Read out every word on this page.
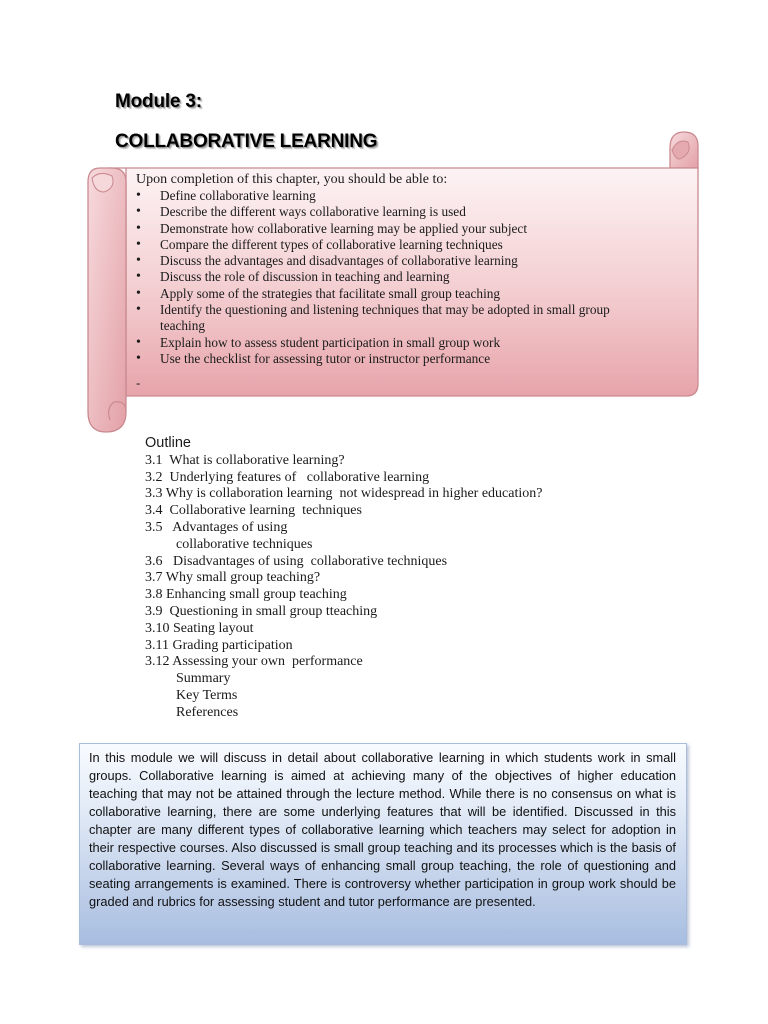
Module 3:
COLLABORATIVE LEARNING

Upon completion of this chapter, you should be able to:

• Define collaborative learning
• Describe the different ways collaborative learning is used
• Demonstrate how collaborative learning may be applied your subject
• Compare the different types of collaborative learning techniques
• Discuss the advantages and disadvantages of collaborative learning
• Discuss the role of discussion in teaching and learning
• Apply some of the strategies that facilitate small group teaching
• Identify the questioning and listening techniques that may be adopted in small group teaching
• Explain how to assess student participation in small group work
• Use the checklist for assessing tutor or instructor performance
-
Outline
3.1  What is collaborative learning?
3.2  Underlying features of   collaborative learning
3.3 Why is collaboration learning  not widespread in higher education?
3.4  Collaborative learning  techniques
3.5   Advantages of using
collaborative techniques
3.6   Disadvantages of using  collaborative techniques
3.7 Why small group teaching?
3.8 Enhancing small group teaching
3.9  Questioning in small group tteaching
3.10 Seating layout
3.11 Grading participation
3.12 Assessing your own  performance
Summary
Key Terms
References

In this module we will discuss in detail about collaborative learning in which students work in small groups. Collaborative learning is aimed at achieving many of the objectives of higher education teaching that may not be attained through the lecture method. While there is no consensus on what is collaborative learning, there are some underlying features that will be identified. Discussed in this chapter are many different types of collaborative learning which teachers may select for adoption in their respective courses. Also discussed is small group teaching and its processes which is the basis of collaborative learning. Several ways of enhancing small group teaching, the role of questioning and seating arrangements is examined. There is controversy whether participation in group work should be graded and rubrics for assessing student and tutor performance are presented.
